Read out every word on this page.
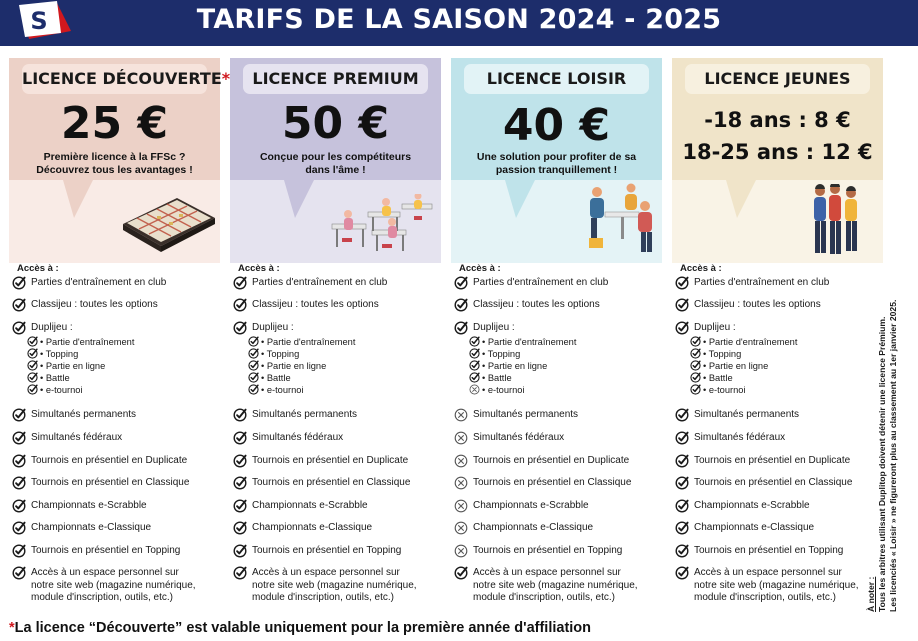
S	TARIFS DE LA SAISON 2024 - 2025
LICENCE DÉCOUVERTE*
25 €
Première licence à la FFSc ?
Découvrez tous les avantages !
Accès à :
Parties d'entraînement en club
Classijeu : toutes les options
Duplijeu :
Simultanés permanents
Simultanés fédéraux
Tournois en présentiel en Duplicate
Tournois en présentiel en Classique
Championnats e-Scrabble
Championnats e-Classique
Tournois en présentiel en Topping
Accès à un espace personnel sur
notre site web (magazine numérique,
module d'inscription, outils, etc.)
• Partie d'entraînement
• Topping
• Partie en ligne
• Battle
• e-tournoi
LICENCE PREMIUM
50 €
Conçue pour les compétiteurs
dans l'âme !
Accès à :
Parties d'entraînement en club
Classijeu : toutes les options
Duplijeu :
Simultanés permanents
Simultanés fédéraux
Tournois en présentiel en Duplicate
Tournois en présentiel en Classique
Championnats e-Scrabble
Championnats e-Classique
Tournois en présentiel en Topping
Accès à un espace personnel sur
notre site web (magazine numérique,
module d'inscription, outils, etc.)
• Partie d'entraînement
• Topping
• Partie en ligne
• Battle
• e-tournoi
LICENCE LOISIR
40 €
Une solution pour profiter de sa
passion tranquillement !
Accès à :
Parties d'entraînement en club
Classijeu : toutes les options
Duplijeu :
Simultanés permanents
Simultanés fédéraux
Tournois en présentiel en Duplicate
Tournois en présentiel en Classique
Championnats e-Scrabble
Championnats e-Classique
Tournois en présentiel en Topping
Accès à un espace personnel sur
notre site web (magazine numérique,
module d'inscription, outils, etc.)
• Partie d'entraînement
• Topping
• Partie en ligne
• Battle
• e-tournoi
LICENCE JEUNES
-18 ans : 8 €
18-25 ans : 12 €
Accès à :
Parties d'entraînement en club
Classijeu : toutes les options
Duplijeu :
Simultanés permanents
Simultanés fédéraux
Tournois en présentiel en Duplicate
Tournois en présentiel en Classique
Championnats e-Scrabble
Championnats e-Classique
Tournois en présentiel en Topping
Accès à un espace personnel sur
notre site web (magazine numérique,
module d'inscription, outils, etc.)
• Partie d'entraînement
• Topping
• Partie en ligne
• Battle
• e-tournoi
*La licence “Découverte” est valable uniquement pour la première année d'affiliation
À noter : Tous les arbitres utilisant Duplitop doivent détenir une licence Prémium. Les licenciés « Loisir » ne figureront plus au classement au 1er janvier 2025.
